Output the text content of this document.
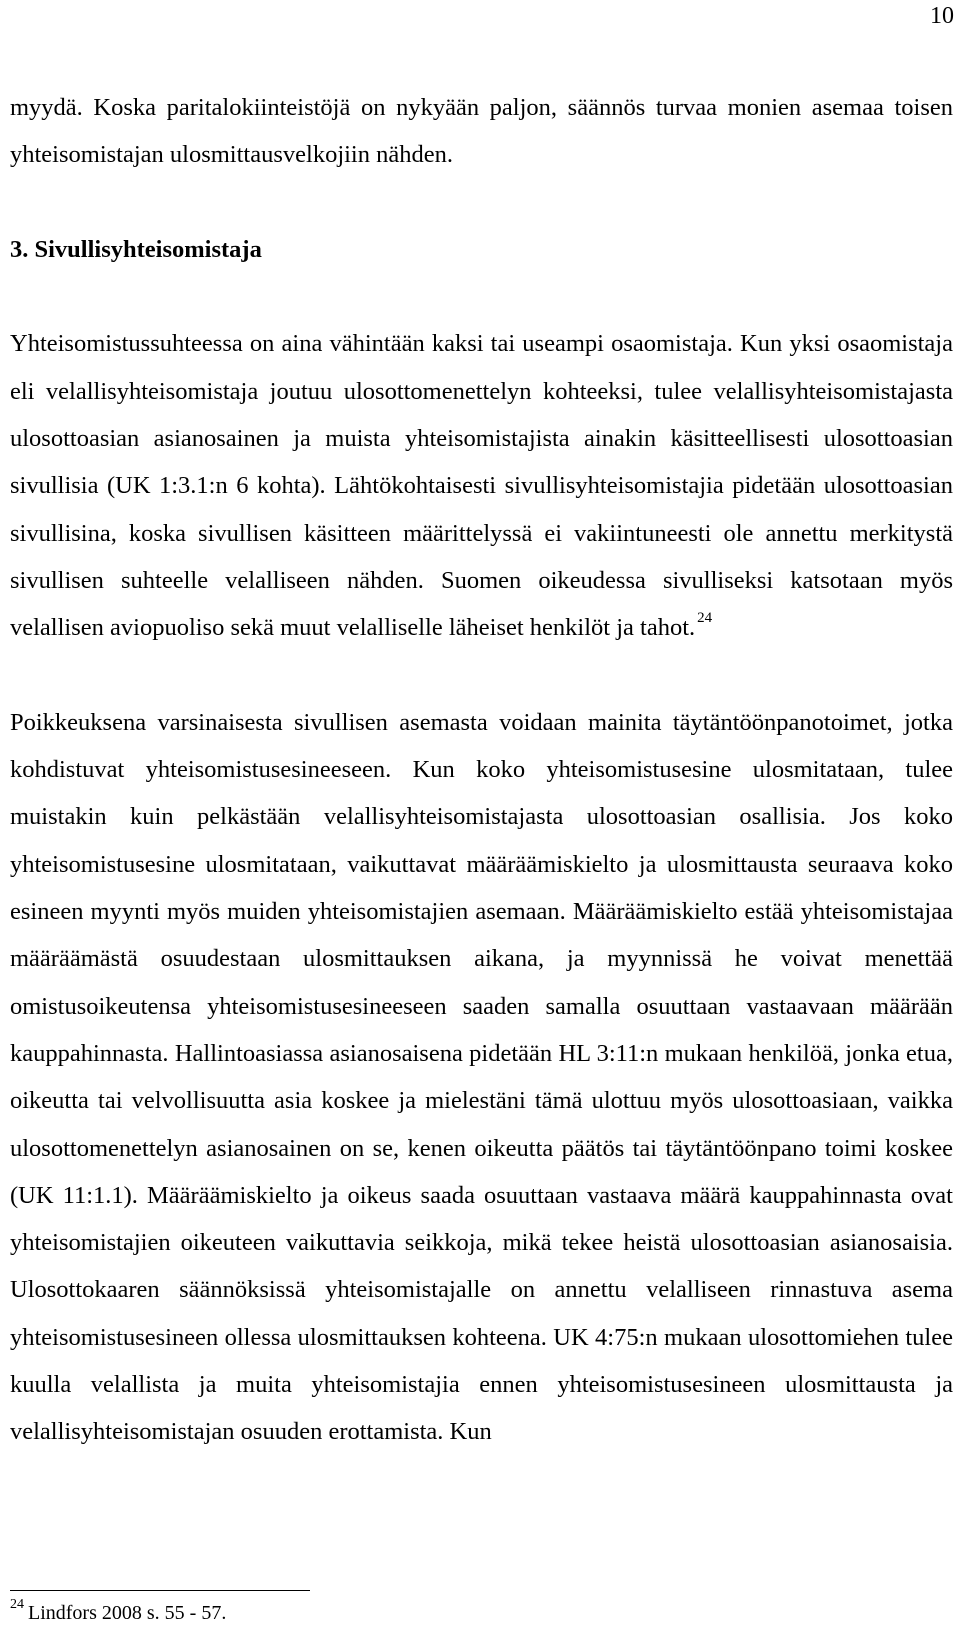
10

myydä. Koska paritalokiinteistöjä on nykyään paljon, säännös turvaa monien asemaa toisen yhteisomistajan ulosmittausvelkojiin nähden.

3. Sivullisyhteisomistaja

Yhteisomistussuhteessa on aina vähintään kaksi tai useampi osaomistaja. Kun yksi osaomistaja eli velallisyhteisomistaja joutuu ulosottomenettelyn kohteeksi, tulee velallisyhteisomistajasta ulosottoasian asianosainen ja muista yhteisomistajista ainakin käsitteellisesti ulosottoasian sivullisia (UK 1:3.1:n 6 kohta). Lähtökohtaisesti sivullisyhteisomistajia pidetään ulosottoasian sivullisina, koska sivullisen käsitteen määrittelyssä ei vakiintuneesti ole annettu merkitystä sivullisen suhteelle velalliseen nähden. Suomen oikeudessa sivulliseksi katsotaan myös velallisen aviopuoliso sekä muut velalliselle läheiset henkilöt ja tahot. $^{24}$

Poikkeuksena varsinaisesta sivullisen asemasta voidaan mainita täytäntöönpanotoimet, jotka kohdistuvat yhteisomistusesineeseen. Kun koko yhteisomistusesine ulosmitataan, tulee muistakin kuin pelkästään velallisyhteisomistajasta ulosottoasian osallisia. Jos koko yhteisomistusesine ulosmitataan, vaikuttavat määräämiskielto ja ulosmittausta seuraava koko esineen myynti myös muiden yhteisomistajien asemaan. Määräämiskielto estää yhteisomistajaa määräämästä osuudestaan ulosmittauksen aikana, ja myynnissä he voivat menettää omistusoikeutensa yhteisomistusesineeseen saaden samalla osuuttaan vastaavaan määrään kauppahinnasta. Hallintoasiassa asianosaisena pidetään HL 3:11:n mukaan henkilöä, jonka etua, oikeutta tai velvollisuutta asia koskee ja mielestäni tämä ulottuu myös ulosottoasiaan, vaikka ulosottomenettelyn asianosainen on se, kenen oikeutta päätös tai täytäntöönpano toimi koskee (UK 11:1.1). Määräämiskielto ja oikeus saada osuuttaan vastaava määrä kauppahinnasta ovat yhteisomistajien oikeuteen vaikuttavia seikkoja, mikä tekee heistä ulosottoasian asianosaisia. Ulosottokaaren säännöksissä yhteisomistajalle on annettu velalliseen rinnastuva asema yhteisomistusesineen ollessa ulosmittauksen kohteena. UK 4:75:n mukaan ulosottomiehen tulee kuulla velallista ja muita yhteisomistajia ennen yhteisomistusesineen ulosmittausta ja velallisyhteisomistajan osuuden erottamista. Kun

$^{24}$ Lindfors 2008 s. 55 - 57.
